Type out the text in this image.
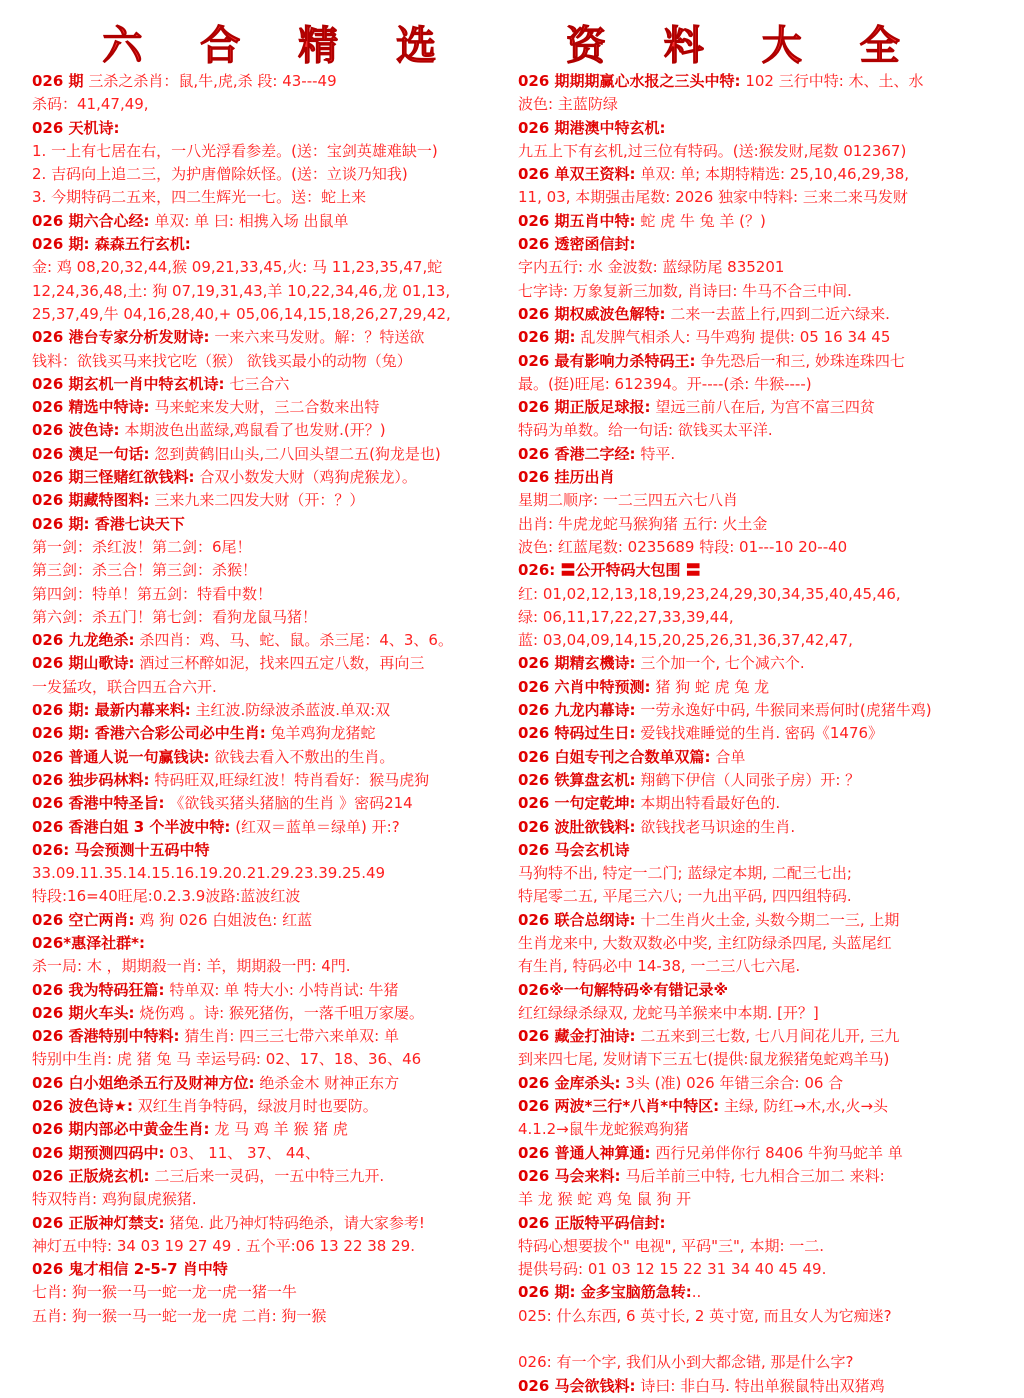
六 合 精 选   资 料 大 全
026 期 三杀之杀肖：鼠,牛,虎,杀 段: 43---49
杀码：41,47,49,
026 天机诗:
1. 一上有七居在右，一八光浮看参差。(送：宝剑英雄难缺一)
2. 吉码向上追二三，为护唐僧除妖怪。(送：立谈乃知我)
3. 今期特码二五来，四二生辉光一七。送：蛇上来
026 期六合心经: 单双: 单 曰: 相携入场 出鼠单
026 期: 森森五行玄机:
金: 鸡 08,20,32,44,猴 09,21,33,45,火: 马 11,23,35,47,蛇
12,24,36,48,土: 狗 07,19,31,43,羊 10,22,34,46,龙 01,13,
25,37,49,牛 04,16,28,40,+ 05,06,14,15,18,26,27,29,42,
026 港台专家分析发财诗: 一来六来马发财。解：？特送欲
钱料：欲钱买马来找它吃（猴） 欲钱买最小的动物（兔）
026 期玄机一肖中特玄机诗: 七三合六
026 精选中特诗: 马来蛇来发大财，三二合数来出特
026 波色诗: 本期波色出蓝绿,鸡鼠看了也发财.(开？)
026 澳足一句话: 忽到黄鹤旧山头,二八回头望二五(狗龙是也)
026 期三怪赌红欲钱料: 合双小数发大财（鸡狗虎猴龙）。
026 期藏特图料: 三来九来二四发大财（开：？）
026 期: 香港七诀天下
第一剑：杀红波！第二剑：6尾！
第三剑：杀三合！第三剑：杀猴！
第四剑：特单！第五剑：特看中数！
第六剑：杀五门！第七剑：看狗龙鼠马猪！
026 九龙绝杀: 杀四肖：鸡、马、蛇、鼠。杀三尾：4、3、6。
026 期山歌诗: 酒过三杯醉如泥，找来四五定八数，再向三
一发猛攻，联合四五合六开.
026 期: 最新内幕来料: 主红波.防绿波杀蓝波.单双:双
026 期: 香港六合彩公司必中生肖: 兔羊鸡狗龙猪蛇
026 普通人说一句赢钱诀: 欲钱去看入不敷出的生肖。
026 独步码林料: 特码旺双,旺绿红波！特肖看好：猴马虎狗
026 香港中特圣旨: 《欲钱买猪头猪脑的生肖 》密码214
026 香港白姐 3 个半波中特: (红双＝蓝单＝绿单) 开:?
026: 马会预测十五码中特
33.09.11.35.14.15.16.19.20.21.29.23.39.25.49
特段:16=40旺尾:0.2.3.9波路:蓝波红波
026 空亡两肖: 鸡 狗 026 白姐波色: 红蓝
026*惠泽社群*:
杀一局: 木 ，期期殺一肖: 羊，期期殺一門: 4門.
026 我为特码狂篇: 特单双: 单 特大小: 小特肖试: 牛猪
026 期火车头: 烧伤鸡 。诗: 猴死猪伤，一落千咀万家屡。
026 香港特别中特料: 猜生肖: 四三三七带六来单双: 单
特别中生肖: 虎 猪 兔 马 幸运号码: 02、17、18、36、46
026 白小姐绝杀五行及财神方位: 绝杀金木 财神正东方
026 波色诗★: 双红生肖争特码，绿波月时也要防。
026 期内部必中黄金生肖: 龙 马 鸡 羊 猴 猪 虎
026 期预测四码中: 03、 11、 37、 44、
026 正版烧玄机: 二三后来一灵码，一五中特三九开.
特双特肖: 鸡狗鼠虎猴猪.
026 正版神灯禁支: 猪兔. 此乃神灯特码绝杀，请大家参考!
神灯五中特: 34 03 19 27 49 . 五个平:06 13 22 38 29.
026 鬼才相信 2-5-7 肖中特
七肖: 狗一猴一马一蛇一龙一虎一猪一牛
五肖: 狗一猴一马一蛇一龙一虎 二肖: 狗一猴
026 期期期赢心水报之三头中特: 102 三行中特: 木、土、水
波色: 主蓝防绿
026 期港澳中特玄机:
九五上下有玄机,过三位有特码。(送:猴发财,尾数 012367)
026 单双王资料: 单双: 单; 本期特精选: 25,10,46,29,38,
11, 03, 本期强击尾数: 2026 独家中特料: 三来二来马发财
026 期五肖中特: 蛇 虎 牛 兔 羊 (？)
026 透密函信封:
字内五行: 水 金波数: 蓝绿防尾 835201
七字诗: 万象复新三加数, 肖诗曰: 牛马不合三中间.
026 期权威波色解特: 二来一去蓝上行,四到二近六绿来.
026 期: 乱发脾气相杀人: 马牛鸡狗 提供: 05 16 34 45
026 最有影响力杀特码王: 争先恐后一和三, 妙珠连珠四七
最。(挺)旺尾: 612394。开----(杀: 牛猴----)
026 期正版足球报: 望远三前八在后, 为宫不富三四贫
特码为单数。给一句话: 欲钱买太平洋.
026 香港二字经: 特平.
026 挂历出肖
星期二顺序: 一二三四五六七八肖
出肖: 牛虎龙蛇马猴狗猪 五行: 火土金
波色: 红蓝尾数: 0235689 特段: 01---10 20--40
026: 〓公开特码大包围 〓
红: 01,02,12,13,18,19,23,24,29,30,34,35,40,45,46,
绿: 06,11,17,22,27,33,39,44,
蓝: 03,04,09,14,15,20,25,26,31,36,37,42,47,
026 期精玄機诗: 三个加一个, 七个减六个.
026 六肖中特预测: 猪 狗 蛇 虎 兔 龙
026 九龙内幕诗: 一劳永逸好中码, 牛猴同来焉何时(虎猪牛鸡)
026 特码过生日: 爱钱找难睡觉的生肖. 密码《1476》
026 白姐专刊之合数单双篇: 合单
026 铁算盘玄机: 翔鹤下伊信（人同张子房）开: ？
026 一句定乾坤: 本期出特看最好色的.
026 波肚欲钱料: 欲钱找老马识途的生肖.
026 马会玄机诗
马狗特不出, 特定一二门; 蓝绿定本期, 二配三七出;
特尾零二五, 平尾三六八; 一九出平码, 四四组特码.
026 联合总纲诗: 十二生肖火土金, 头数今期二一三, 上期
生肖龙来中, 大数双数必中奖, 主红防绿杀四尾, 头蓝尾红
有生肖, 特码必中 14-38, 一二三八七六尾.
026※一句解特码※有错记录※
红红绿绿杀绿双, 龙蛇马羊猴来中本期. [开？]
026 藏金打油诗: 二五来到三七数, 七八月间花儿开, 三九
到来四七尾, 发财请下三五七(提供:鼠龙猴猪兔蛇鸡羊马)
026 金库杀头: 3头 (准) 026 年错三余合: 06 合
026 两波*三行*八肖*中特区: 主绿, 防红→木,水,火→头
4.1.2→鼠牛龙蛇猴鸡狗猪
026 普通人神算通: 西行兄弟伴你行 8406 牛狗马蛇羊 单
026 马会来料: 马后羊前三中特, 七九相合三加二 来料:
羊 龙 猴 蛇 鸡 兔 鼠 狗 开
026 正版特平码信封:
特码心想要拔个" 电视", 平码"三", 本期: 一二.
提供号码: 01 03 12 15 22 31 34 40 45 49.
026 期: 金多宝脑筋急转:..
025: 什么东西, 6 英寸长, 2 英寸宽, 而且女人为它痴迷?
026: 有一个字, 我们从小到大都念错, 那是什么字?
026 马会欲钱料: 诗曰: 非白马. 特出单猴鼠特出双猪鸡
